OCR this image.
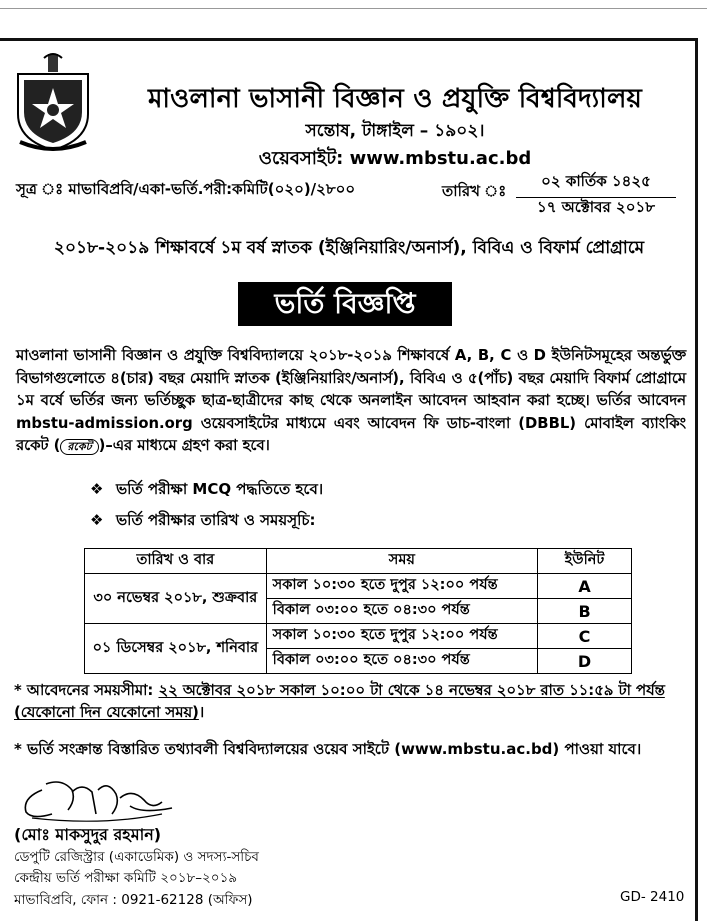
মাওলানা ভাসানী বিজ্ঞান ও প্রযুক্তি বিশ্ববিদ্যালয়
সন্তোষ, টাঙ্গাইল – ১৯০২।
ওয়েবসাইট: www.mbstu.ac.bd
সূত্র ঃ মাভাবিপ্রবি/একা-ভর্তি.পরী:কমিটি(০২০)/২৮০০	তারিখ ঃ
০২ কার্তিক ১৪২৫
১৭ অক্টোবর ২০১৮
২০১৮-২০১৯ শিক্ষাবর্ষে ১ম বর্ষ স্নাতক (ইঞ্জিনিয়ারিং/অনার্স), বিবিএ ও বিফার্ম প্রোগ্রামে
ভর্তি বিজ্ঞপ্তি
মাওলানা ভাসানী বিজ্ঞান ও প্রযুক্তি বিশ্ববিদ্যালয়ে ২০১৮-২০১৯ শিক্ষাবর্ষে A, B, C ও D ইউনিটসমূহের অন্তর্ভুক্ত বিভাগগুলোতে ৪(চার) বছর মেয়াদি স্নাতক (ইঞ্জিনিয়ারিং/অনার্স), বিবিএ ও ৫(পাঁচ) বছর মেয়াদি বিফার্ম প্রোগ্রামে ১ম বর্ষে ভর্তির জন্য ভর্তিচ্ছুক ছাত্র-ছাত্রীদের কাছ থেকে অনলাইন আবেদন আহবান করা হচ্ছে। ভর্তির আবেদন mbstu-admission.org ওয়েবসাইটের মাধ্যমে এবং আবেদন ফি ডাচ-বাংলা (DBBL) মোবাইল ব্যাংকিং রকেট ( রকেট )–এর মাধ্যমে গ্রহণ করা হবে।
❖ ভর্তি পরীক্ষা MCQ পদ্ধতিতে হবে।
❖ ভর্তি পরীক্ষার তারিখ ও সময়সূচি:
তারিখ ও বার	সময়	ইউনিট
৩০ নভেম্বর ২০১৮, শুক্রবার	সকাল ১০:৩০ হতে দুপুর ১২:০০ পর্যন্ত	A
	বিকাল ০৩:০০ হতে ০৪:৩০ পর্যন্ত	B
০১ ডিসেম্বর ২০১৮, শনিবার	সকাল ১০:৩০ হতে দুপুর ১২:০০ পর্যন্ত	C
	বিকাল ০৩:০০ হতে ০৪:৩০ পর্যন্ত	D
* আবেদনের সময়সীমা: ২২ অক্টোবর ২০১৮ সকাল ১০:০০ টা থেকে ১৪ নভেম্বর ২০১৮ রাত ১১:৫৯ টা পর্যন্ত (যেকোনো দিন যেকোনো সময়)।
* ভর্তি সংক্রান্ত বিস্তারিত তথ্যাবলী বিশ্ববিদ্যালয়ের ওয়েব সাইটে (www.mbstu.ac.bd) পাওয়া যাবে।
(মোঃ মাকসুদুর রহমান)
ডেপুটি রেজিস্ট্রার (একাডেমিক) ও সদস্য-সচিব
কেন্দ্রীয় ভর্তি পরীক্ষা কমিটি ২০১৮–২০১৯
মাভাবিপ্রবি, ফোন : 0921-62128 (অফিস)	GD- 2410
